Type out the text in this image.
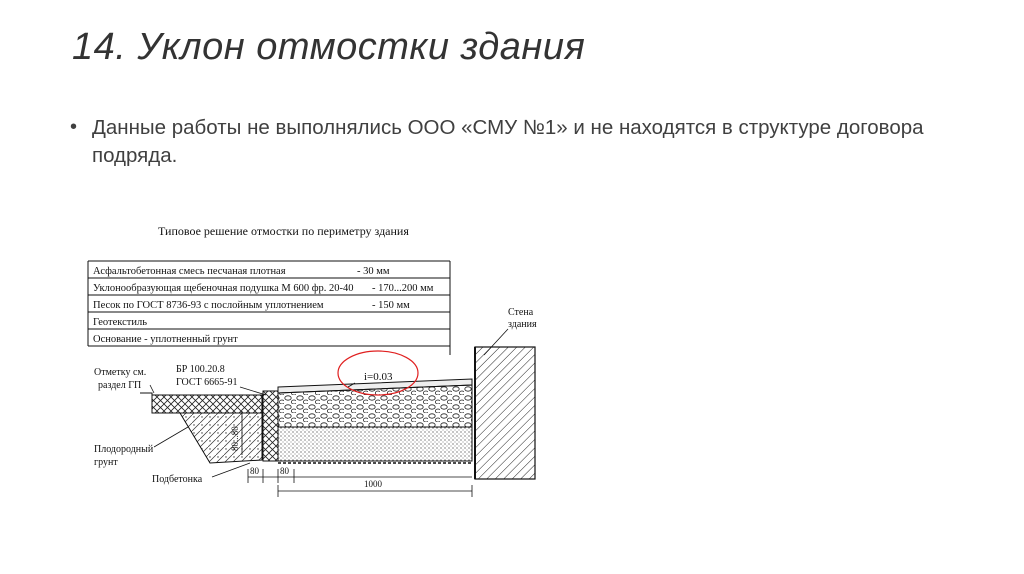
14. Уклон отмостки здания
• Данные работы не выполнялись ООО «СМУ №1» и не находятся в структуре договора подряда.
Типовое решение отмостки по периметру здания
Асфальтобетонная смесь песчаная плотная	- 30 мм
Уклонообразующая щебеночная подушка М 600 фр. 20-40 - 170...200 мм
Песок по ГОСТ 8736-93 с послойным уплотнением	- 150 мм
Геотекстиль
Основание - уплотненный грунт
Стена
здания
i=0.03
БР 100.20.8
ГОСТ 6665-91
Отметку см.
раздел ГП
Плодородный
грунт
Подбетонка
80...80
80 80
1000
